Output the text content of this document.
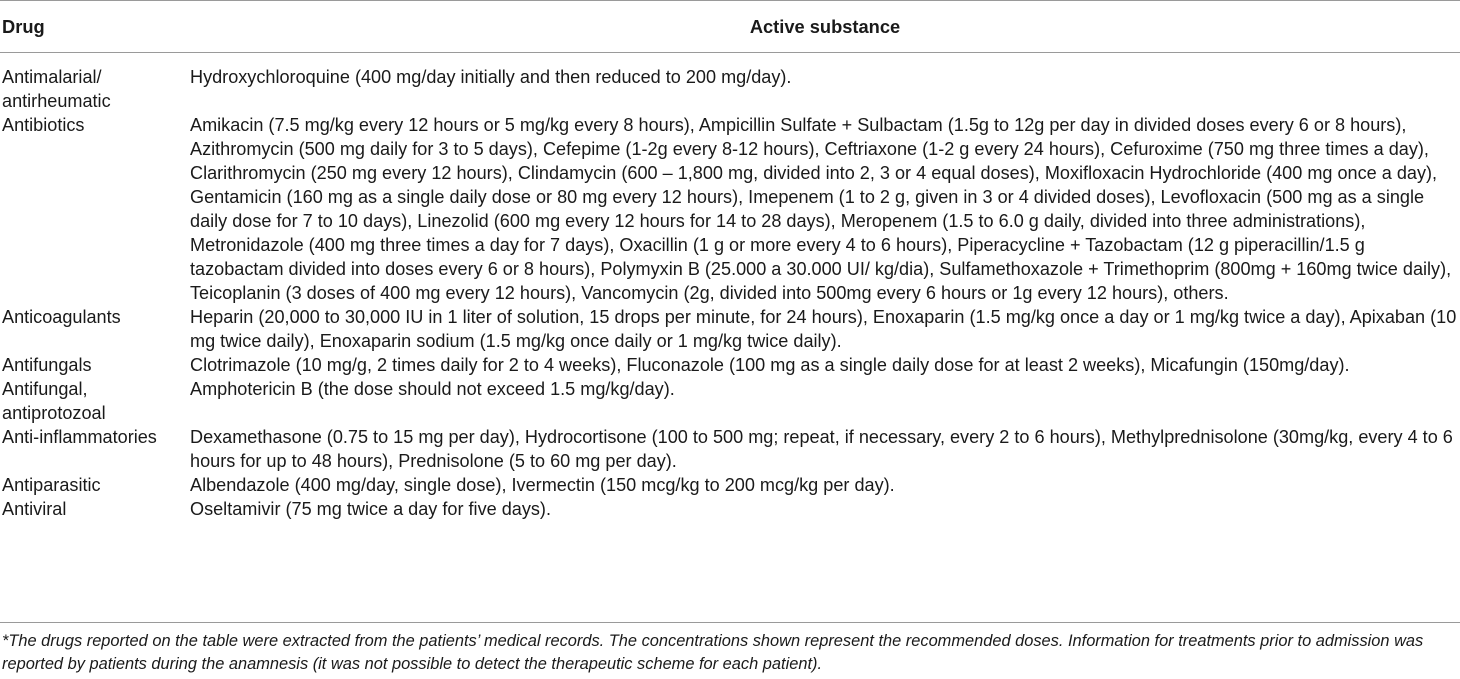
Drug	Active substance
Antimalarial/ antirheumatic	Hydroxychloroquine (400 mg/day initially and then reduced to 200 mg/day).
Antibiotics	Amikacin (7.5 mg/kg every 12 hours or 5 mg/kg every 8 hours), Ampicillin Sulfate + Sulbactam (1.5g to 12g per day in divided doses every 6 or 8 hours), Azithromycin (500 mg daily for 3 to 5 days), Cefepime (1-2g every 8-12 hours), Ceftriaxone (1-2 g every 24 hours), Cefuroxime (750 mg three times a day), Clarithromycin (250 mg every 12 hours), Clindamycin (600 – 1,800 mg, divided into 2, 3 or 4 equal doses), Moxifloxacin Hydrochloride (400 mg once a day), Gentamicin (160 mg as a single daily dose or 80 mg every 12 hours), Imepenem (1 to 2 g, given in 3 or 4 divided doses), Levofloxacin (500 mg as a single daily dose for 7 to 10 days), Linezolid (600 mg every 12 hours for 14 to 28 days), Meropenem (1.5 to 6.0 g daily, divided into three administrations), Metronidazole (400 mg three times a day for 7 days), Oxacillin (1 g or more every 4 to 6 hours), Piperacycline + Tazobactam (12 g piperacillin/1.5 g tazobactam divided into doses every 6 or 8 hours), Polymyxin B (25.000 a 30.000 UI/ kg/dia), Sulfamethoxazole + Trimethoprim (800mg + 160mg twice daily), Teicoplanin (3 doses of 400 mg every 12 hours), Vancomycin (2g, divided into 500mg every 6 hours or 1g every 12 hours), others.
Anticoagulants	Heparin (20,000 to 30,000 IU in 1 liter of solution, 15 drops per minute, for 24 hours), Enoxaparin (1.5 mg/kg once a day or 1 mg/kg twice a day), Apixaban (10 mg twice daily), Enoxaparin sodium (1.5 mg/kg once daily or 1 mg/kg twice daily).
Antifungals	Clotrimazole (10 mg/g, 2 times daily for 2 to 4 weeks), Fluconazole (100 mg as a single daily dose for at least 2 weeks), Micafungin (150mg/day).
Antifungal, antiprotozoal	Amphotericin B (the dose should not exceed 1.5 mg/kg/day).
Anti-inflammatories	Dexamethasone (0.75 to 15 mg per day), Hydrocortisone (100 to 500 mg; repeat, if necessary, every 2 to 6 hours), Methylprednisolone (30mg/kg, every 4 to 6 hours for up to 48 hours), Prednisolone (5 to 60 mg per day).
Antiparasitic	Albendazole (400 mg/day, single dose), Ivermectin (150 mcg/kg to 200 mcg/kg per day).
Antiviral	Oseltamivir (75 mg twice a day for five days).
*The drugs reported on the table were extracted from the patients’ medical records. The concentrations shown represent the recommended doses. Information for treatments prior to admission was reported by patients during the anamnesis (it was not possible to detect the therapeutic scheme for each patient).
